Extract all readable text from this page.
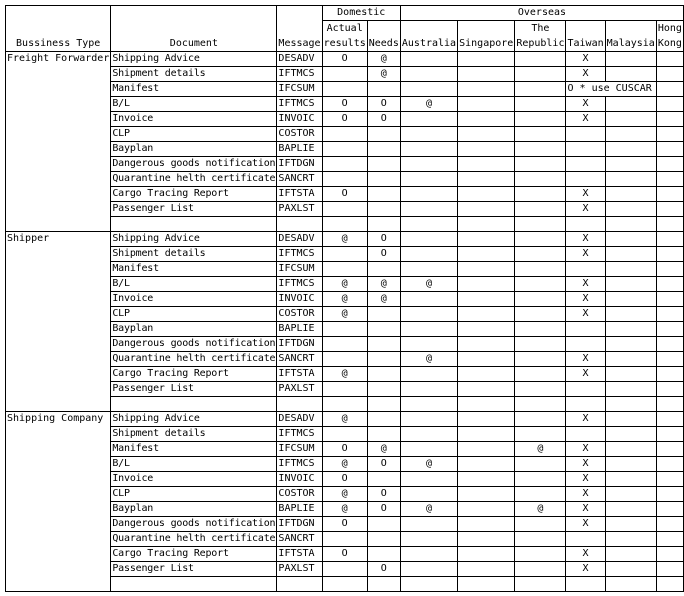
Bussiness Type	Document	Message	Domestic		Overseas					
			Actual results	Needs	Australia	Singapore	The Republic	Taiwan	Malaysia	Hong Kong

Freight Forwarder	Shipping Advice	DESADV	O	@				X		
	Shipment details	IFTMCS		@				X		
	Manifest	IFCSUM						O * use CUSCAR		
	B/L	IFTMCS	O	O	@			X		
	Invoice	INVOIC	O	O				X		
	CLP	COSTOR								
	Bayplan	BAPLIE								
	Dangerous goods notification	IFTDGN								
	Quarantine helth certificate	SANCRT								
	Cargo Tracing Report	IFTSTA	O					X		
	Passenger List	PAXLST						X		

Shipper	Shipping Advice	DESADV	@	O				X		
	Shipment details	IFTMCS		O				X		
	Manifest	IFCSUM								
	B/L	IFTMCS	@	@	@			X		
	Invoice	INVOIC	@	@				X		
	CLP	COSTOR	@					X		
	Bayplan	BAPLIE								
	Dangerous goods notification	IFTDGN								
	Quarantine helth certificate	SANCRT			@			X		
	Cargo Tracing Report	IFTSTA	@					X		
	Passenger List	PAXLST								

Shipping Company	Shipping Advice	DESADV	@					X		
	Shipment details	IFTMCS								
	Manifest	IFCSUM	O	@			@	X		
	B/L	IFTMCS	@	O	@			X		
	Invoice	INVOIC	O					X		
	CLP	COSTOR	@	O				X		
	Bayplan	BAPLIE	@	O	@		@	X		
	Dangerous goods notification	IFTDGN	O					X		
	Quarantine helth certificate	SANCRT								
	Cargo Tracing Report	IFTSTA	O					X		
	Passenger List	PAXLST		O				X		
